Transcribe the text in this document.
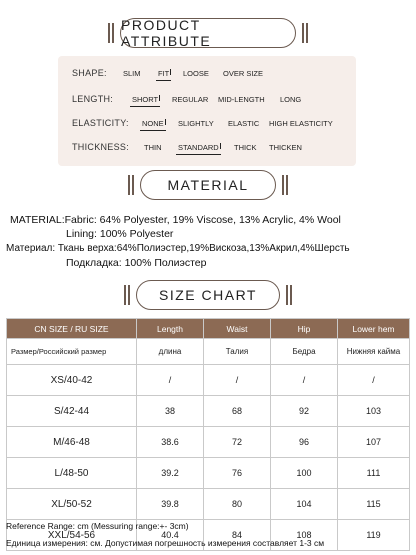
PRODUCT ATTRIBUTE
SHAPE: SLIM FIT LOOSE OVER SIZE
LENGTH:	SHORT REGULAR MID-LENGTH LONG
ELASTICITY: NONE SLIGHTLY ELASTIC HIGH ELASTICITY
THICKNESS: THIN STANDARD THICK THICKEN
MATERIAL
MATERIAL:Fabric: 64% Polyester, 19% Viscose, 13% Acrylic, 4% Wool
Lining: 100% Polyester
Материал: Ткань верха:64%Полиэстер,19%Вискоза,13%Акрил,4%Шерсть
Подкладка: 100% Полиэстер
SIZE CHART
CN SIZE / RU SIZE	Length	Waist	Hip	Lower hem
Размер/Российский размер	длина	Талия	Бедра	Нижняя кайма
XS/40-42	/	/	/	/
S/42-44	38	68	92	103
M/46-48	38.6	72	96	107
L/48-50	39.2	76	100	111
XL/50-52	39.8	80	104	115
XXL/54-56	40.4	84	108	119
Reference Range: cm (Messuring range:+- 3cm)
Единица измерения: см. Допустимая погрешность измерения составляет 1-3 см
